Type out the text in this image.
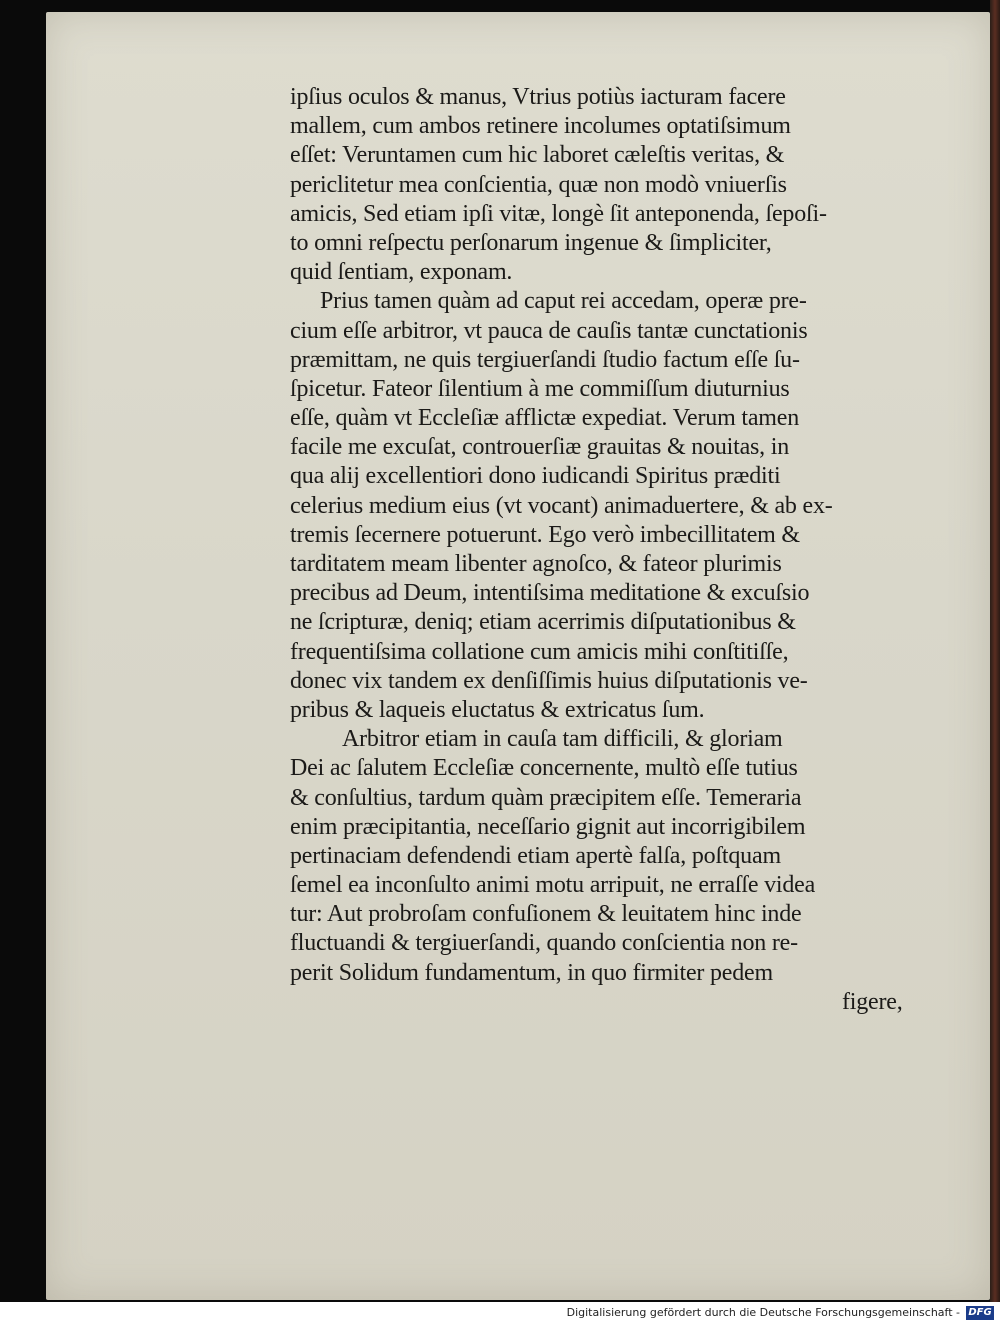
ipſius oculos & manus, Vtrius potiùs iacturam facere
mallem, cum ambos retinere incolumes optatiſsimum
eſſet: Veruntamen cum hic laboret cæleſtis veritas, &
periclitetur mea conſcientia, quæ non modò vniuerſis
amicis, Sed etiam ipſi vitæ, longè ſit anteponenda, ſepoſi-
to omni reſpectu perſonarum ingenue & ſimpliciter,
quid ſentiam, exponam.
Prius tamen quàm ad caput rei accedam, operæ pre-
cium eſſe arbitror, vt pauca de cauſis tantæ cunctationis
præmittam, ne quis tergiuerſandi ſtudio factum eſſe ſu-
ſpicetur. Fateor ſilentium à me commiſſum diuturnius
eſſe, quàm vt Eccleſiæ afflictæ expediat. Verum tamen
facile me excuſat, controuerſiæ grauitas & nouitas, in
qua alij excellentiori dono iudicandi Spiritus præditi
celerius medium eius (vt vocant) animaduertere, & ab ex-
tremis ſecernere potuerunt. Ego verò imbecillitatem &
tarditatem meam libenter agnoſco, & fateor plurimis
precibus ad Deum, intentiſsima meditatione & excuſsio
ne ſcripturæ, deniq; etiam acerrimis diſputationibus &
frequentiſsima collatione cum amicis mihi conſtitiſſe,
donec vix tandem ex denſiſſimis huius diſputationis ve-
pribus & laqueis eluctatus & extricatus ſum.
Arbitror etiam in cauſa tam difficili, & gloriam
Dei ac ſalutem Eccleſiæ concernente, multò eſſe tutius
& conſultius, tardum quàm præcipitem eſſe. Temeraria
enim præcipitantia, neceſſario gignit aut incorrigibilem
pertinaciam defendendi etiam apertè falſa, poſtquam
ſemel ea inconſulto animi motu arripuit, ne erraſſe videa
tur: Aut probroſam confuſionem & leuitatem hinc inde
fluctuandi & tergiuerſandi, quando conſcientia non re-
perit Solidum fundamentum, in quo firmiter pedem
figere,
Digitalisierung gefördert durch die Deutsche Forschungsgemeinschaft - DFG
